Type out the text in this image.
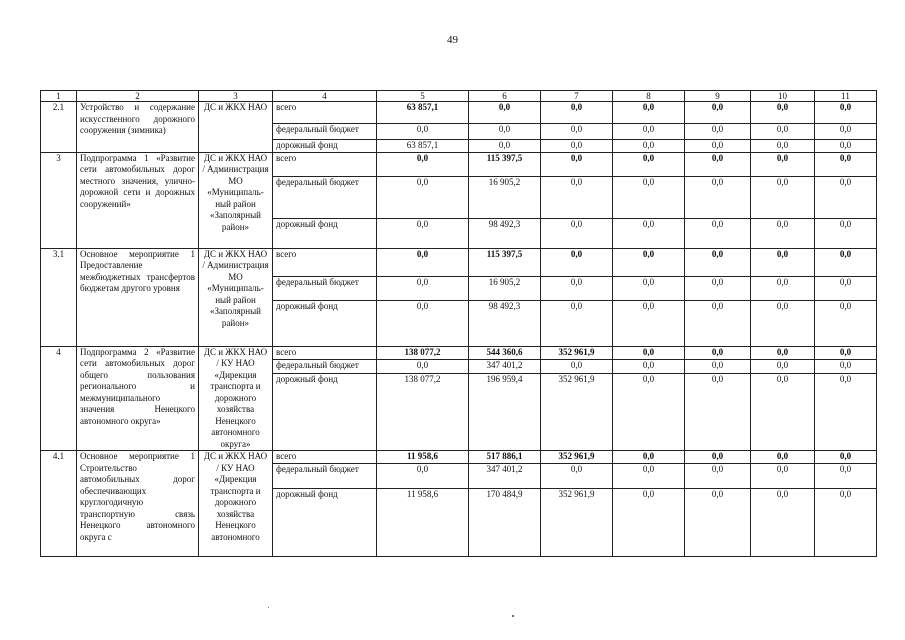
49
1	2	3	4	5	6	7	8	9	10	11
2.1	Устройство и содержание искусственного дорожного сооружения (зимника)	ДС и ЖКХ НАО	всего	63 857,1	0,0	0,0	0,0	0,0	0,0	0,0
			федеральный бюджет	0,0	0,0	0,0	0,0	0,0	0,0	0,0
			дорожный фонд	63 857,1	0,0	0,0	0,0	0,0	0,0	0,0
3	Подпрограмма 1 «Развитие сети автомобильных дорог местного значения, улично-дорожной сети и дорожных сооружений»	ДС и ЖКХ НАО / Администрация МО «Муниципаль-ный район «Заполярный район»	всего	0,0	115 397,5	0,0	0,0	0,0	0,0	0,0
			федеральный бюджет	0,0	16 905,2	0,0	0,0	0,0	0,0	0,0
			дорожный фонд	0,0	98 492,3	0,0	0,0	0,0	0,0	0,0
3.1	Основное мероприятие 1 Предоставление межбюджетных трансфертов бюджетам другого уровня	ДС и ЖКХ НАО / Администрация МО «Муниципаль-ный район «Заполярный район»	всего	0,0	115 397,5	0,0	0,0	0,0	0,0	0,0
			федеральный бюджет	0,0	16 905,2	0,0	0,0	0,0	0,0	0,0
			дорожный фонд	0,0	98 492,3	0,0	0,0	0,0	0,0	0,0
4	Подпрограмма 2 «Развитие сети автомобильных дорог общего пользования регионального и межмуниципального значения Ненецкого автономного округа»	ДС и ЖКХ НАО / КУ НАО «Дирекция транспорта и дорожного хозяйства Ненецкого автономного округа»	всего	138 077,2	544 360,6	352 961,9	0,0	0,0	0,0	0,0
			федеральный бюджет	0,0	347 401,2	0,0	0,0	0,0	0,0	0,0
			дорожный фонд	138 077,2	196 959,4	352 961,9	0,0	0,0	0,0	0,0
4.1	Основное мероприятие 1 Строительство автомобильных дорог обеспечивающих круглогодичную транспортную связь Ненецкого автономного округа с	ДС и ЖКХ НАО / КУ НАО «Дирекция транспорта и дорожного хозяйства Ненецкого автономного	всего	11 958,6	517 886,1	352 961,9	0,0	0,0	0,0	0,0
			федеральный бюджет	0,0	347 401,2	0,0	0,0	0,0	0,0	0,0
			дорожный фонд	11 958,6	170 484,9	352 961,9	0,0	0,0	0,0	0,0
